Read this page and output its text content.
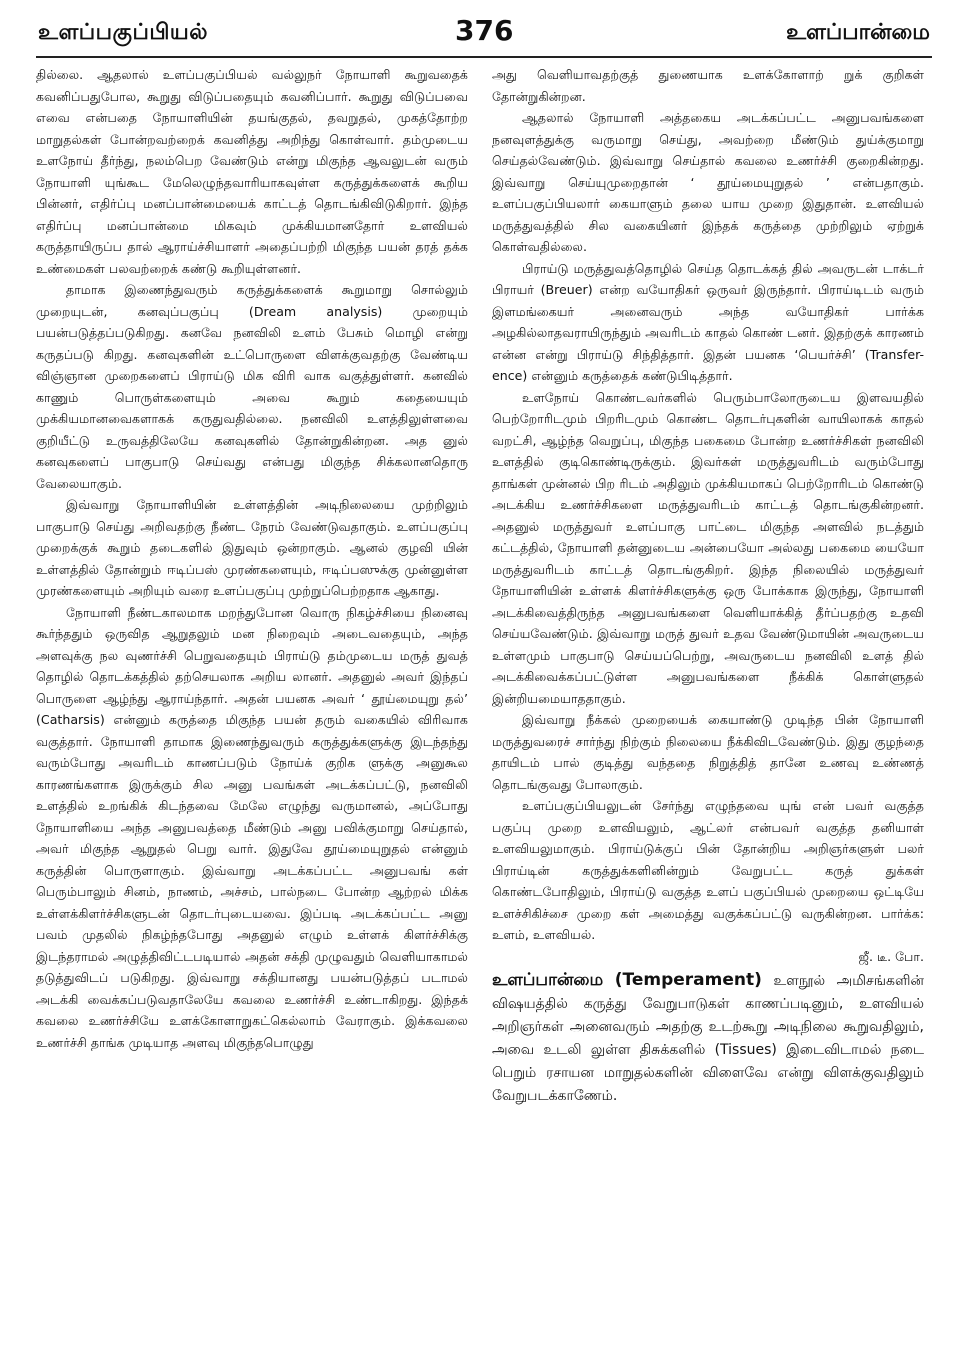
உளப்பகுப்பியல்	376	உளப்பான்மை

தில்லை. ஆதலால் உளப்பகுப்பியல் வல்லுநர் நோயாளி கூறுவதைக் கவனிப்பதுபோல, கூறுது விடுப்பதையும் கவனிப்பார். கூறுது விடுப்பவை எவை என்பதை நோயாளியின் தயங்குதல், தவறுதல், முகத்தோற்ற மாறுதல்கள் போன்றவற்றைக் கவனித்து அறிந்து கொள்வார். தம்முடைய உளநோய் தீர்ந்து, நலம்பெற வேண்டும் என்று மிகுந்த ஆவலுடன் வரும் நோயாளி யுங்கூட மேலெழுந்தவாரியாகவுள்ள கருத்துக்களைக் கூறிய பின்னர், எதிர்ப்பு மனப்பான்மையைக் காட்டத் தொடங்கிவிடுகிறார். இந்த எதிர்ப்பு மனப்பான்மை மிகவும் முக்கியமானதோர் உளவியல் கருத்தாயிருப்ப தால் ஆராய்ச்சியாளர் அதைப்பற்றி மிகுந்த பயன் தரத் தக்க உண்மைகள் பலவற்றைக் கண்டு கூறியுள்ளனர்.

தாமாக இணைந்துவரும் கருத்துக்களைக் கூறுமாறு சொல்லும் முறையுடன், கனவுப்பகுப்பு (Dream analysis) முறையும் பயன்படுத்தப்படுகிறது. கனவே நனவிலி உளம் பேசும் மொழி என்று கருதப்படு கிறது. கனவுகளின் உட்பொருளை விளக்குவதற்கு வேண்டிய விஞ்ஞான முறைகளைப் பிராய்டு மிக விரி வாக வகுத்துள்ளர். கனவில் காணும் பொருள்களையும் அவை கூறும் கதையையும் முக்கியமானவைகளாகக் கருதுவதில்லை. நனவிலி உளத்திலுள்ளவை குறியீட்டு உருவத்திலேயே கனவுகளில் தோன்றுகின்றன. அத னுல் கனவுகளைப் பாகுபாடு செய்வது என்பது மிகுந்த சிக்கலானதொரு வேலையாகும்.

இவ்வாறு நோயாளியின் உள்ளத்தின் அடிநிலையை முற்றிலும் பாகுபாடு செய்து அறிவதற்கு நீண்ட நேரம் வேண்டுவதாகும். உளப்பகுப்பு முறைக்குக் கூறும் தடைகளில் இதுவும் ஒன்றாகும். ஆனல் குழவி யின் உள்ளத்தில் தோன்றும் ஈடிப்பஸ் முரண்களையும், ஈடிப்பஸுக்கு முன்னுள்ள முரண்களையும் அறியும் வரை உளப்பகுப்பு முற்றுப்பெற்றதாக ஆகாது.

நோயாளி நீண்டகாலமாக மறந்துபோன வொரு நிகழ்ச்சியை நினைவு கூர்ந்ததும் ஒருவித ஆறுதலும் மன நிறைவும் அடைவதையும், அந்த அளவுக்கு நல வுணர்ச்சி பெறுவதையும் பிராய்டு தம்முடைய மருத் துவத் தொழில் தொடக்கத்தில் தற்செயலாக அறிய லானர். அதனுல் அவர் இந்தப் பொருளை ஆழ்ந்து ஆராய்ந்தார். அதன் பயனக அவர் ‘ தூய்மையுறு தல்’ (Catharsis) என்னும் கருத்தை மிகுந்த பயன் தரும் வகையில் விரிவாக வகுத்தார். நோயாளி தாமாக இணைந்துவரும் கருத்துக்களுக்கு இடந்தந்து வரும்போது அவரிடம் காணப்படும் நோய்க் குறிக ளுக்கு அனுகூல காரணங்களாக இருக்கும் சில அனு பவங்கள் அடக்கப்பட்டு, நனவிலி உளத்தில் உறங்கிக் கிடந்தவை மேலே எழுந்து வருமானல், அப்போது நோயாளியை அந்த அனுபவத்தை மீண்டும் அனு பவிக்குமாறு செய்தால், அவர் மிகுந்த ஆறுதல் பெறு வார். இதுவே தூய்மையுறுதல் என்னும் கருத்தின் பொருளாகும். இவ்வாறு அடக்கப்பட்ட அனுபவங் கள் பெரும்பாலும் சினம், நாணம், அச்சம், பால்நடை போன்ற ஆற்றல் மிக்க உள்ளக்கிளர்ச்சிகளுடன் தொடர்புடையவை. இப்படி அடக்கப்பட்ட அனு பவம் முதலில் நிகழ்ந்தபோது அதனுல் எழும் உள்ளக் கிளர்ச்சிக்கு இடந்தராமல் அழுத்திவிட்டபடியால் அதன் சக்தி முழுவதும் வெளியாகாமல் தடுத்துவிடப் படுகிறது. இவ்வாறு சக்தியானது பயன்படுத்தப் படாமல் அடக்கி வைக்கப்படுவதாலேயே கவலை உணர்ச்சி உண்டாகிறது. இந்தக் கவலை உணர்ச்சியே உளக்கோளாறுகட்கெல்லாம் வேராகும். இக்கவலை உணர்ச்சி தாங்க முடியாத அளவு மிகுந்தபொழுது

அது வெளியாவதற்குத் துணையாக உளக்கோளாற் றுக் குறிகள் தோன்றுகின்றன.

ஆதலால் நோயாளி அத்தகைய அடக்கப்பட்ட அனுபவங்களை நனவுளத்துக்கு வருமாறு செய்து, அவற்றை மீண்டும் துய்க்குமாறு செய்தல்வேண்டும். இவ்வாறு செய்தால் கவலை உணர்ச்சி குறைகின்றது. இவ்வாறு செய்யுமுறைதான் ‘ தூய்மையுறுதல் ’ என்பதாகும். உளப்பகுப்பியலார் கையாளும் தலை யாய முறை இதுதான். உளவியல் மருத்துவத்தில் சில வகையினர் இந்தக் கருத்தை முற்றிலும் ஏற்றுக் கொள்வதில்லை.

பிராய்டு மருத்துவத்தொழில் செய்த தொடக்கத் தில் அவருடன் டாக்டர் பிராயர் (Breuer) என்ற வயோதிகர் ஒருவர் இருந்தார். பிராய்டிடம் வரும் இளமங்கையர் அனைவரும் அந்த வயோதிகர் பார்க்க அழகில்லாதவராயிருந்தும் அவரிடம் காதல் கொண் டனர். இதற்குக் காரணம் என்ன என்று பிராய்டு சிந்தித்தார். இதன் பயனக ‘பெயர்ச்சி’ (Transfer- ence) என்னும் கருத்தைக் கண்டுபிடித்தார்.

உளநோய் கொண்டவர்களில் பெரும்பாலோருடைய இளவயதில் பெற்றோரிடமும் பிறரிடமும் கொண்ட தொடர்புகளின் வாயிலாகக் காதல் வறட்சி, ஆழ்ந்த வெறுப்பு, மிகுந்த பகைமை போன்ற உணர்ச்சிகள் நனவிலி உளத்தில் குடிகொண்டிருக்கும். இவர்கள் மருத்துவரிடம் வரும்போது தாங்கள் முன்னல் பிற ரிடம் அதிலும் முக்கியமாகப் பெற்றோரிடம் கொண்டு அடக்கிய உணர்ச்சிகளை மருத்துவரிடம் காட்டத் தொடங்குகின்றனர். அதனுல் மருத்துவர் உளப்பாகு பாட்டை மிகுந்த அளவில் நடத்தும் கட்டத்தில், நோயாளி தன்னுடைய அன்பையோ அல்லது பகைமை யையோ மருத்துவரிடம் காட்டத் தொடங்குகிறர். இந்த நிலையில் மருத்துவர் நோயாளியின் உள்ளக் கிளர்ச்சிகளுக்கு ஒரு போக்காக இருந்து, நோயாளி அடக்கிவைத்திருந்த அனுபவங்களை வெளியாக்கித் தீர்ப்பதற்கு உதவி செய்யவேண்டும். இவ்வாறு மருத் துவர் உதவ வேண்டுமாயின் அவருடைய உள்ளமும் பாகுபாடு செய்யப்பெற்று, அவருடைய நனவிலி உளத் தில் அடக்கிவைக்கப்பட்டுள்ள அனுபவங்களை நீக்கிக் கொள்ளுதல் இன்றியமையாததாகும்.

இவ்வாறு நீக்கல் முறையைக் கையாண்டு முடிந்த பின் நோயாளி மருத்துவரைச் சார்ந்து நிற்கும் நிலையை நீக்கிவிடவேண்டும். இது குழந்தை தாயிடம் பால் குடித்து வந்ததை நிறுத்தித் தானே உணவு உண்ணத் தொடங்குவது போலாகும்.

உளப்பகுப்பியலுடன் சேர்ந்து எழுந்தவை யுங் என் பவர் வகுத்த பகுப்பு முறை உளவியலும், ஆட்லர் என்பவர் வகுத்த தனியாள் உளவியலுமாகும். பிராய்டுக்குப் பின் தோன்றிய அறிஞர்களுள் பலர் பிராய்டின் கருத்துக்களினின்றும் வேறுபட்ட கருத் துக்கள் கொண்டபோதிலும், பிராய்டு வகுத்த உளப் பகுப்பியல் முறையை ஒட்டியே உளச்சிகிச்சை முறை கள் அமைத்து வகுக்கப்பட்டு வருகின்றன. பார்க்க: உளம், உளவியல்.

ஜீ. டீ. போ.

உளப்பான்மை (Temperament) உளநூல் அமிசங்களின் விஷயத்தில் கருத்து வேறுபாடுகள் காணப்படினும், உளவியல் அறிஞர்கள் அனைவரும் அதற்கு உடற்கூறு அடிநிலை கூறுவதிலும், அவை உடலி லுள்ள திசுக்களில் (Tissues) இடைவிடாமல் நடை பெறும் ரசாயன மாறுதல்களின் விளைவே என்று விளக்குவதிலும் வேறுபடக்காணேம்.
